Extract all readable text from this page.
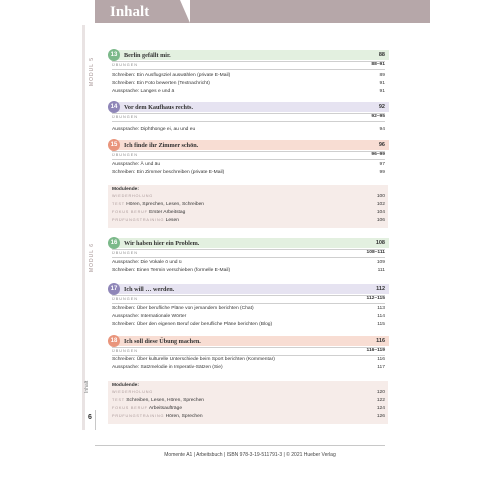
Inhalt
MODUL 5
MODUL 6
Inhalt
6
Momente A1 | Arbeitsbuch | ISBN 978-3-19-511791-3 | © 2021 Hueber Verlag
13	Berlin gefällt mir.	88
ÜBUNGEN	88–91
Schreiben: Ein Ausflugsziel auswählen (private E-Mail)	89
Schreiben: Ein Foto bewerten (Textnachricht)	91
Aussprache: Langes e und ä	91
14	Vor dem Kaufhaus rechts.	92
ÜBUNGEN	92–95
Aussprache: Diphthonge ei, au und eu	94
15	Ich finde ihr Zimmer schön.	96
ÜBUNGEN	96–99
Aussprache: Ä und äu	97
Schreiben: Ein Zimmer beschreiben (private E-Mail)	99
16	Wir haben hier ein Problem.	108
ÜBUNGEN	108–111
Aussprache: Die Vokale ö und ü	109
Schreiben: Einen Termin verschieben (formelle E-Mail)	111
17	Ich will … werden.	112
ÜBUNGEN	112–115
Schreiben: Über berufliche Pläne von jemandem berichten (Chat)	113
Aussprache: Internationale Wörter	114
Schreiben: Über den eigenen Beruf oder berufliche Pläne berichten (Blog)	115
18	Ich soll diese Übung machen.	116
ÜBUNGEN	116–119
Schreiben: Über kulturelle Unterschiede beim Sport berichten (Kommentar)	116
Aussprache: Satzmelodie in Imperativ-Sätzen (Sie)	117
Modulende:
WIEDERHOLUNG	100
TEST Hören, Sprechen, Lesen, Schreiben	102
FOKUS BERUF Erster Arbeitstag	104
PRÜFUNGSTRAINING Lesen	106
Modulende:
WIEDERHOLUNG	120
TEST Schreiben, Lesen, Hören, Sprechen	122
FOKUS BERUF Arbeitsaufträge	124
PRÜFUNGSTRAINING Hören, Sprechen	126
